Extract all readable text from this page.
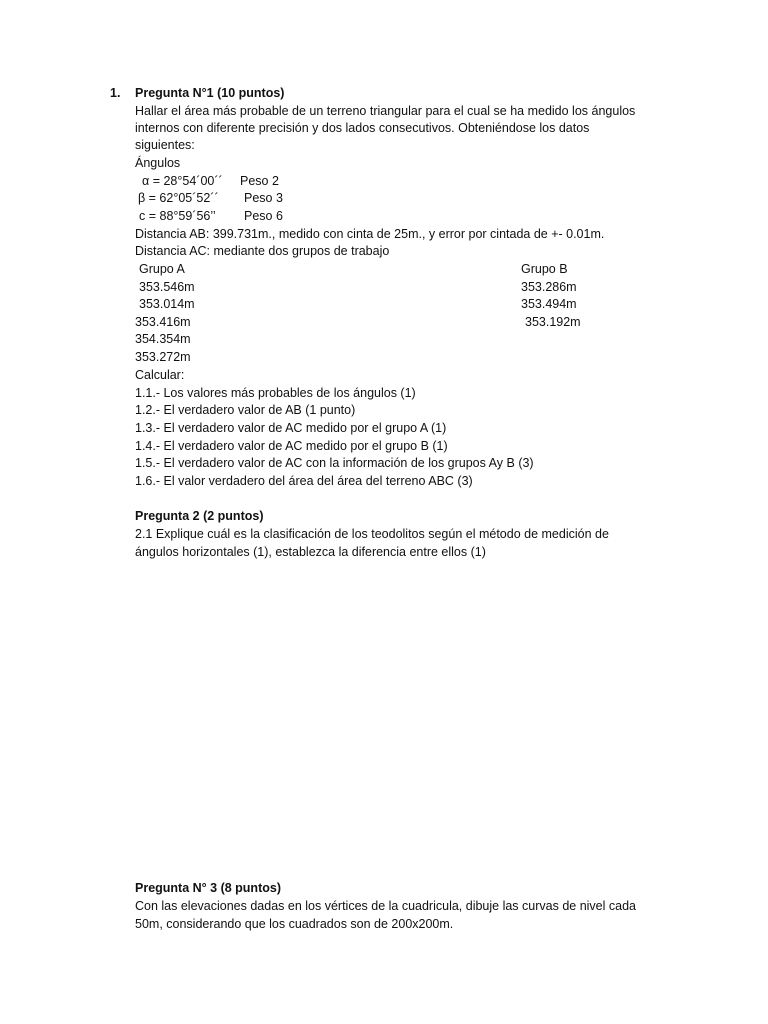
1. Pregunta N°1 (10 puntos)
Hallar el área más probable de un terreno triangular para el cual se ha medido los ángulos
internos con diferente precisión y dos lados consecutivos. Obteniéndose los datos
siguientes:
Ángulos
α = 28°54´00´´ Peso 2
β = 62°05´52´´ Peso 3
c = 88°59´56’’ Peso 6
Distancia AB: 399.731m., medido con cinta de 25m., y error por cintada de +- 0.01m.
Distancia AC: mediante dos grupos de trabajo
Grupo A	Grupo B
353.546m	353.286m
353.014m	353.494m
353.416m	353.192m
354.354m
353.272m
Calcular:
1.1.- Los valores más probables de los ángulos (1)
1.2.- El verdadero valor de AB (1 punto)
1.3.- El verdadero valor de AC medido por el grupo A (1)
1.4.- El verdadero valor de AC medido por el grupo B (1)
1.5.- El verdadero valor de AC con la información de los grupos Ay B (3)
1.6.- El valor verdadero del área del área del terreno ABC (3)
Pregunta 2 (2 puntos)
2.1 Explique cuál es la clasificación de los teodolitos según el método de medición de
ángulos horizontales (1), establezca la diferencia entre ellos (1)
Pregunta N° 3 (8 puntos)
Con las elevaciones dadas en los vértices de la cuadricula, dibuje las curvas de nivel cada
50m, considerando que los cuadrados son de 200x200m.
